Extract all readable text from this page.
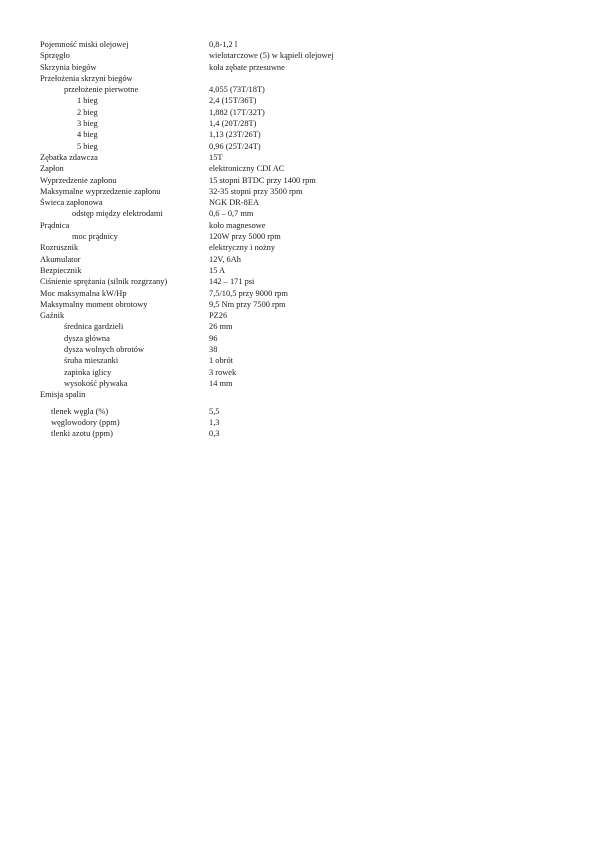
Pojemność miski olejowej	0,8-1,2 l
Sprzęgło	wielotarczowe (5) w kąpieli olejowej
Skrzynia biegów	koła zębate przesuwne
Przełożenia skrzyni biegów
przełożenie pierwotne	4,055 (73T/18T)
1 bieg	2,4 (15T/36T)
2 bieg	1,882 (17T/32T)
3 bieg	1,4 (20T/28T)
4 bieg	1,13 (23T/26T)
5 bieg	0,96 (25T/24T)
Zębatka zdawcza	15T
Zapłon	elektroniczny CDI AC
Wyprzedzenie zapłonu	15 stopni BTDC przy 1400 rpm
Maksymalne wyprzedzenie zapłonu	32-35 stopni przy 3500 rpm
Świeca zapłonowa	NGK DR-8EA
odstęp między elektrodami	0,6 – 0,7 mm
Prądnica	koło magnesowe
moc prądnicy	120W przy 5000 rpm
Rozrusznik	elektryczny i nożny
Akumulator	12V, 6Ah
Bezpiecznik	15 A
Ciśnienie sprężania (silnik rozgrzany)	142 – 171 psi
Moc maksymalna kW/Hp	7,5/10,5 przy 9000 rpm
Maksymalny moment obrotowy	9,5 Nm przy 7500 rpm
Gaźnik	PZ26
średnica gardzieli	26 mm
dysza główna	96
dysza wolnych obrotów	38
śruba mieszanki	1 obrót
zapinka iglicy	3 rowek
wysokość pływaka	14 mm
Emisja spalin
tlenek węgla (%)	5,5
węglowodory (ppm)	1,3
tlenki azotu (ppm)	0,3
